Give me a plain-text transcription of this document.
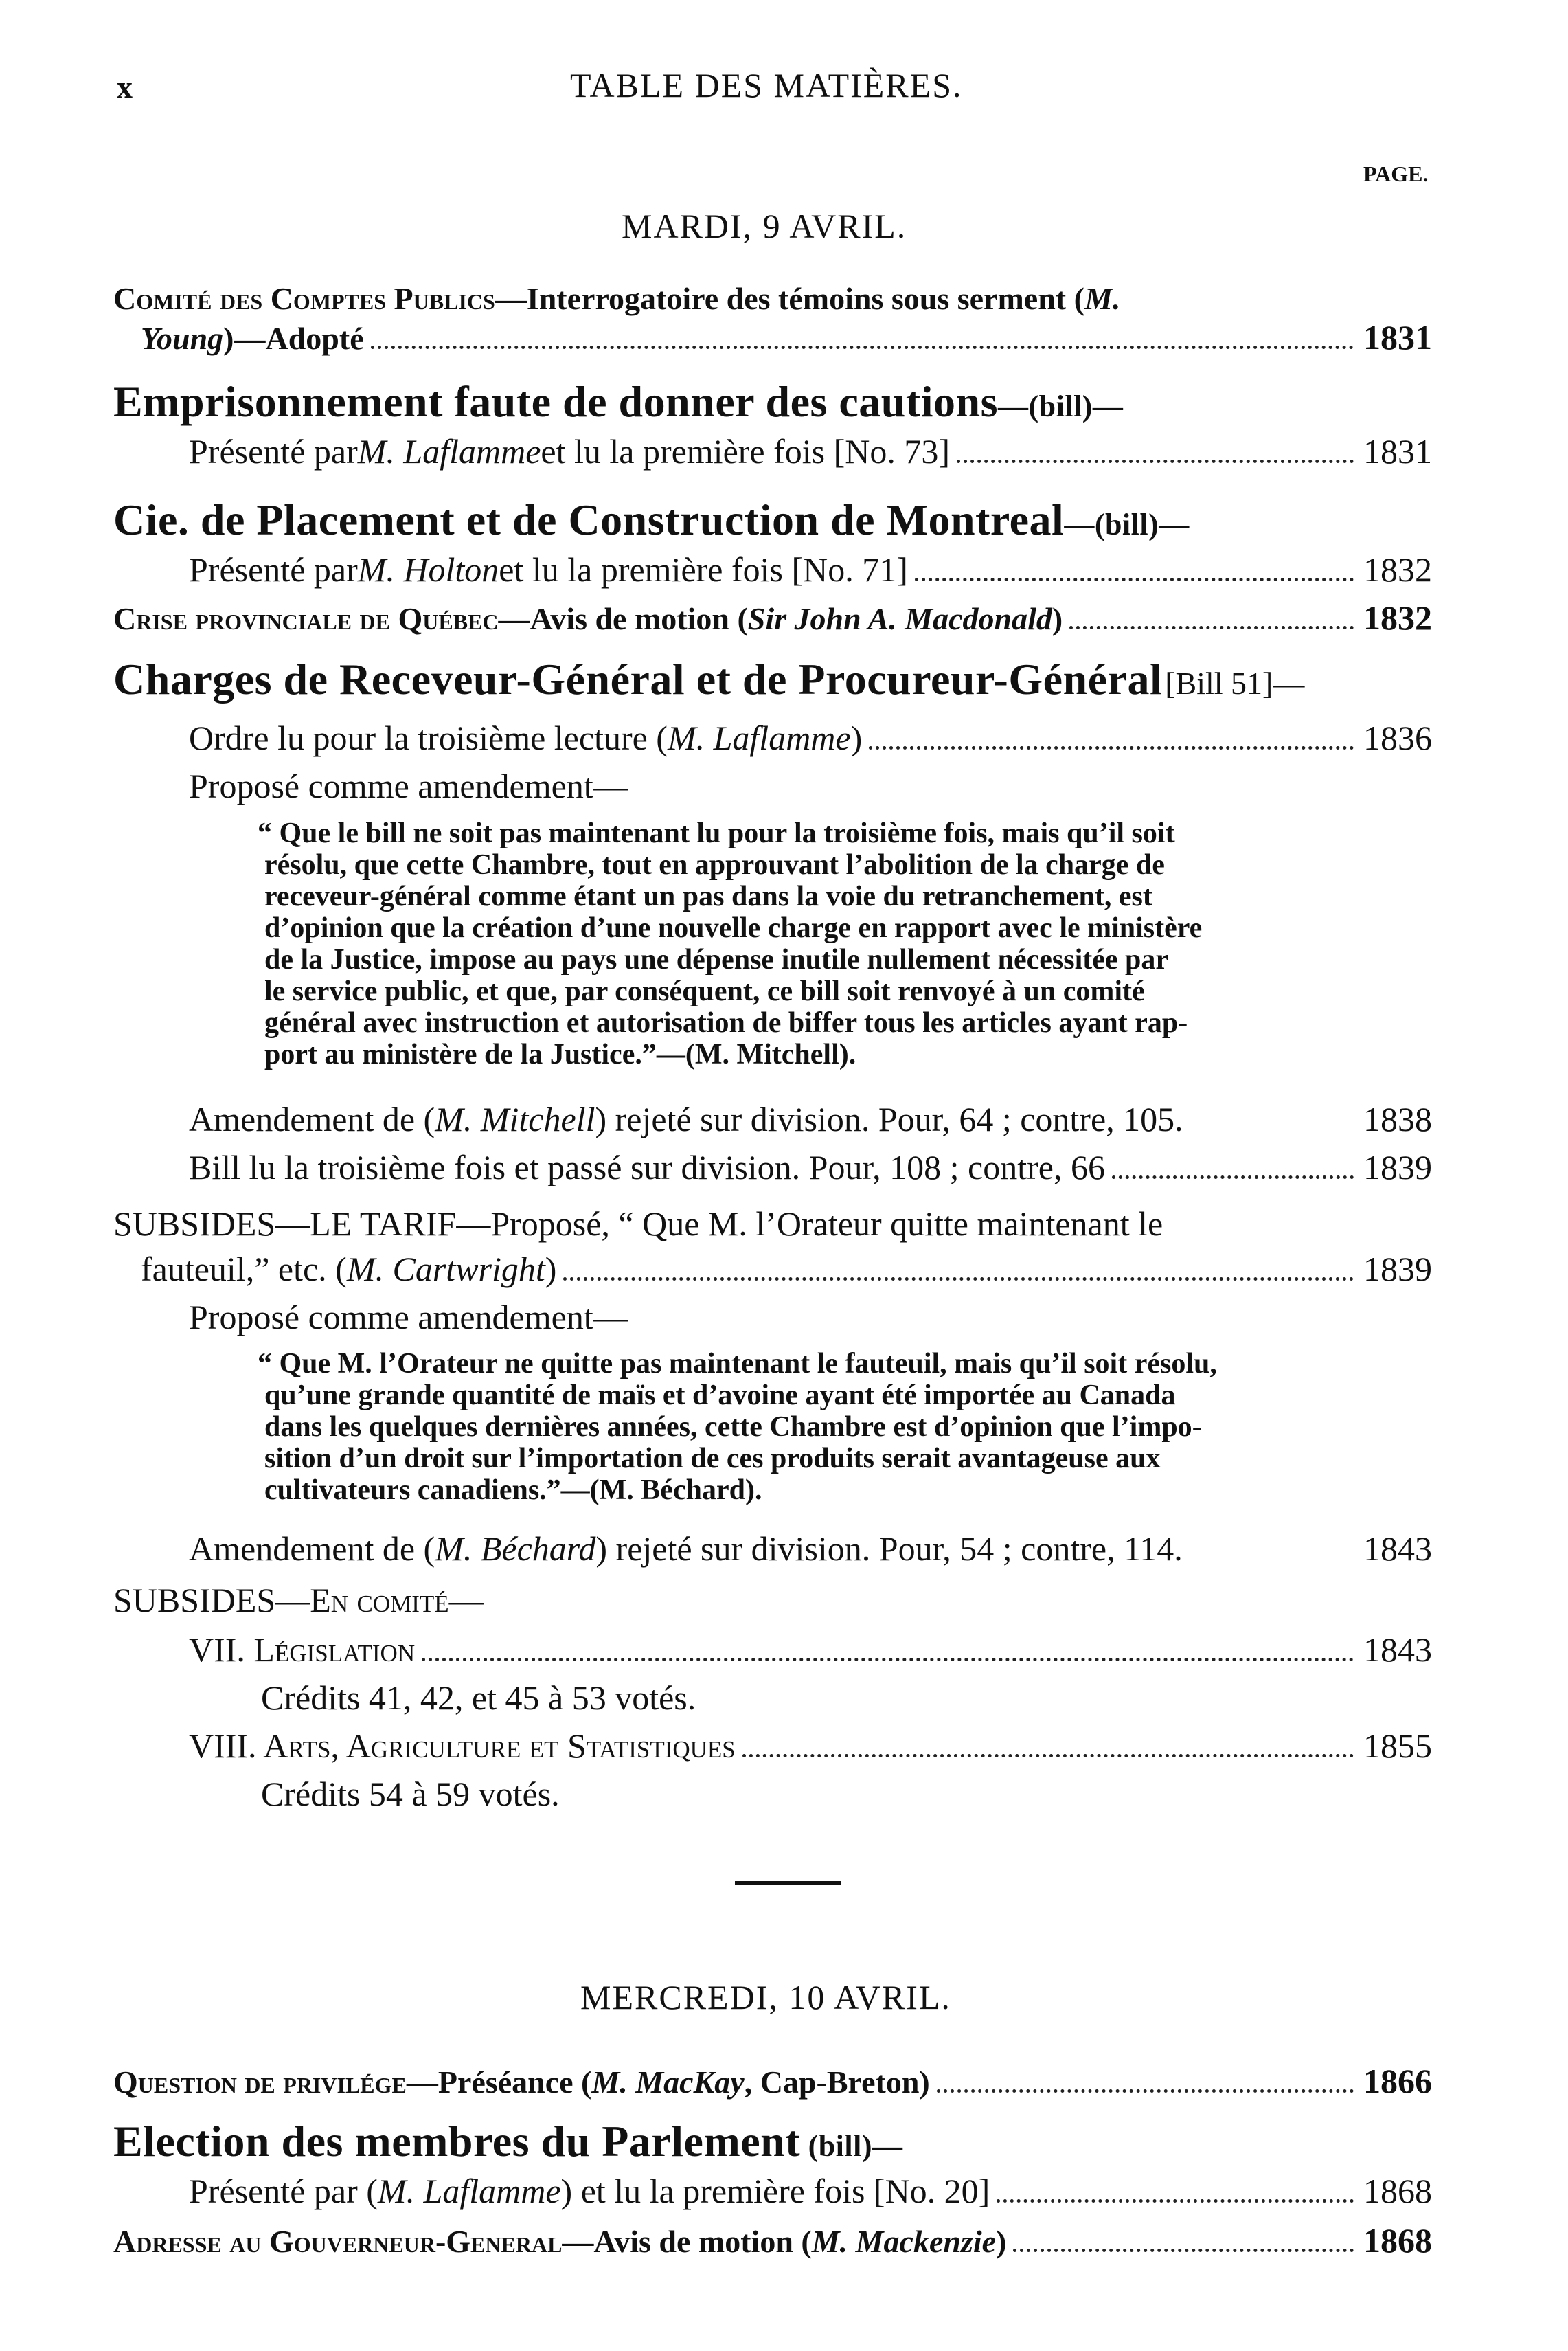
x	TABLE DES MATIÈRES.
PAGE.
MARDI, 9 AVRIL.
Comité des Comptes Publics—Interrogatoire des témoins sous serment (M.
Young )—Adopté	1831
Emprisonnement faute de donner des cautions—(bill)—
Présenté par M. Laflamme et lu la première fois [No. 73]	1831
Cie. de Placement et de Construction de Montreal—(bill)—
Présenté par M. Holton et lu la première fois [No. 71]	1832
Crise provinciale de Québec —Avis de motion ( Sir John A. Macdonald )	1832
Charges de Receveur-Général et de Procureur-Général [Bill 51]—
Ordre lu pour la troisième lecture ( M. Laflamme )	1836
Proposé comme amendement—
“ Que le bill ne soit pas maintenant lu pour la troisième fois, mais qu’il soit
résolu, que cette Chambre, tout en approuvant l’abolition de la charge de
receveur-général comme étant un pas dans la voie du retranchement, est
d’opinion que la création d’une nouvelle charge en rapport avec le ministère
de la Justice, impose au pays une dépense inutile nullement nécessitée par
le service public, et que, par conséquent, ce bill soit renvoyé à un comité
général avec instruction et autorisation de biffer tous les articles ayant rap-
port au ministère de la Justice.”—(M. Mitchell).
Amendement de ( M. Mitchell ) rejeté sur division. Pour, 64 ; contre, 105.	1838
Bill lu la troisième fois et passé sur division. Pour, 108 ; contre, 66	1839
SUBSIDES—LE TARIF—Proposé, “ Que M. l’Orateur quitte maintenant le
fauteuil,” etc. ( M. Cartwright )	1839
Proposé comme amendement—
“ Que M. l’Orateur ne quitte pas maintenant le fauteuil, mais qu’il soit résolu,
qu’une grande quantité de maïs et d’avoine ayant été importée au Canada
dans les quelques dernières années, cette Chambre est d’opinion que l’impo-
sition d’un droit sur l’importation de ces produits serait avantageuse aux
cultivateurs canadiens.”—(M. Béchard).
Amendement de ( M. Béchard ) rejeté sur division. Pour, 54 ; contre, 114.	1843
SUBSIDES—En comité—
VII. Législation	1843
Crédits 41, 42, et 45 à 53 votés.
VIII. Arts, Agriculture et Statistiques	1855
Crédits 54 à 59 votés.
MERCREDI, 10 AVRIL.
Question de privilége —Préséance ( M. MacKay , Cap-Breton)	1866
Election des membres du Parlement (bill)—
Présenté par ( M. Laflamme ) et lu la première fois [No. 20]	1868
Adresse au Gouverneur-General —Avis de motion ( M. Mackenzie )	1868
